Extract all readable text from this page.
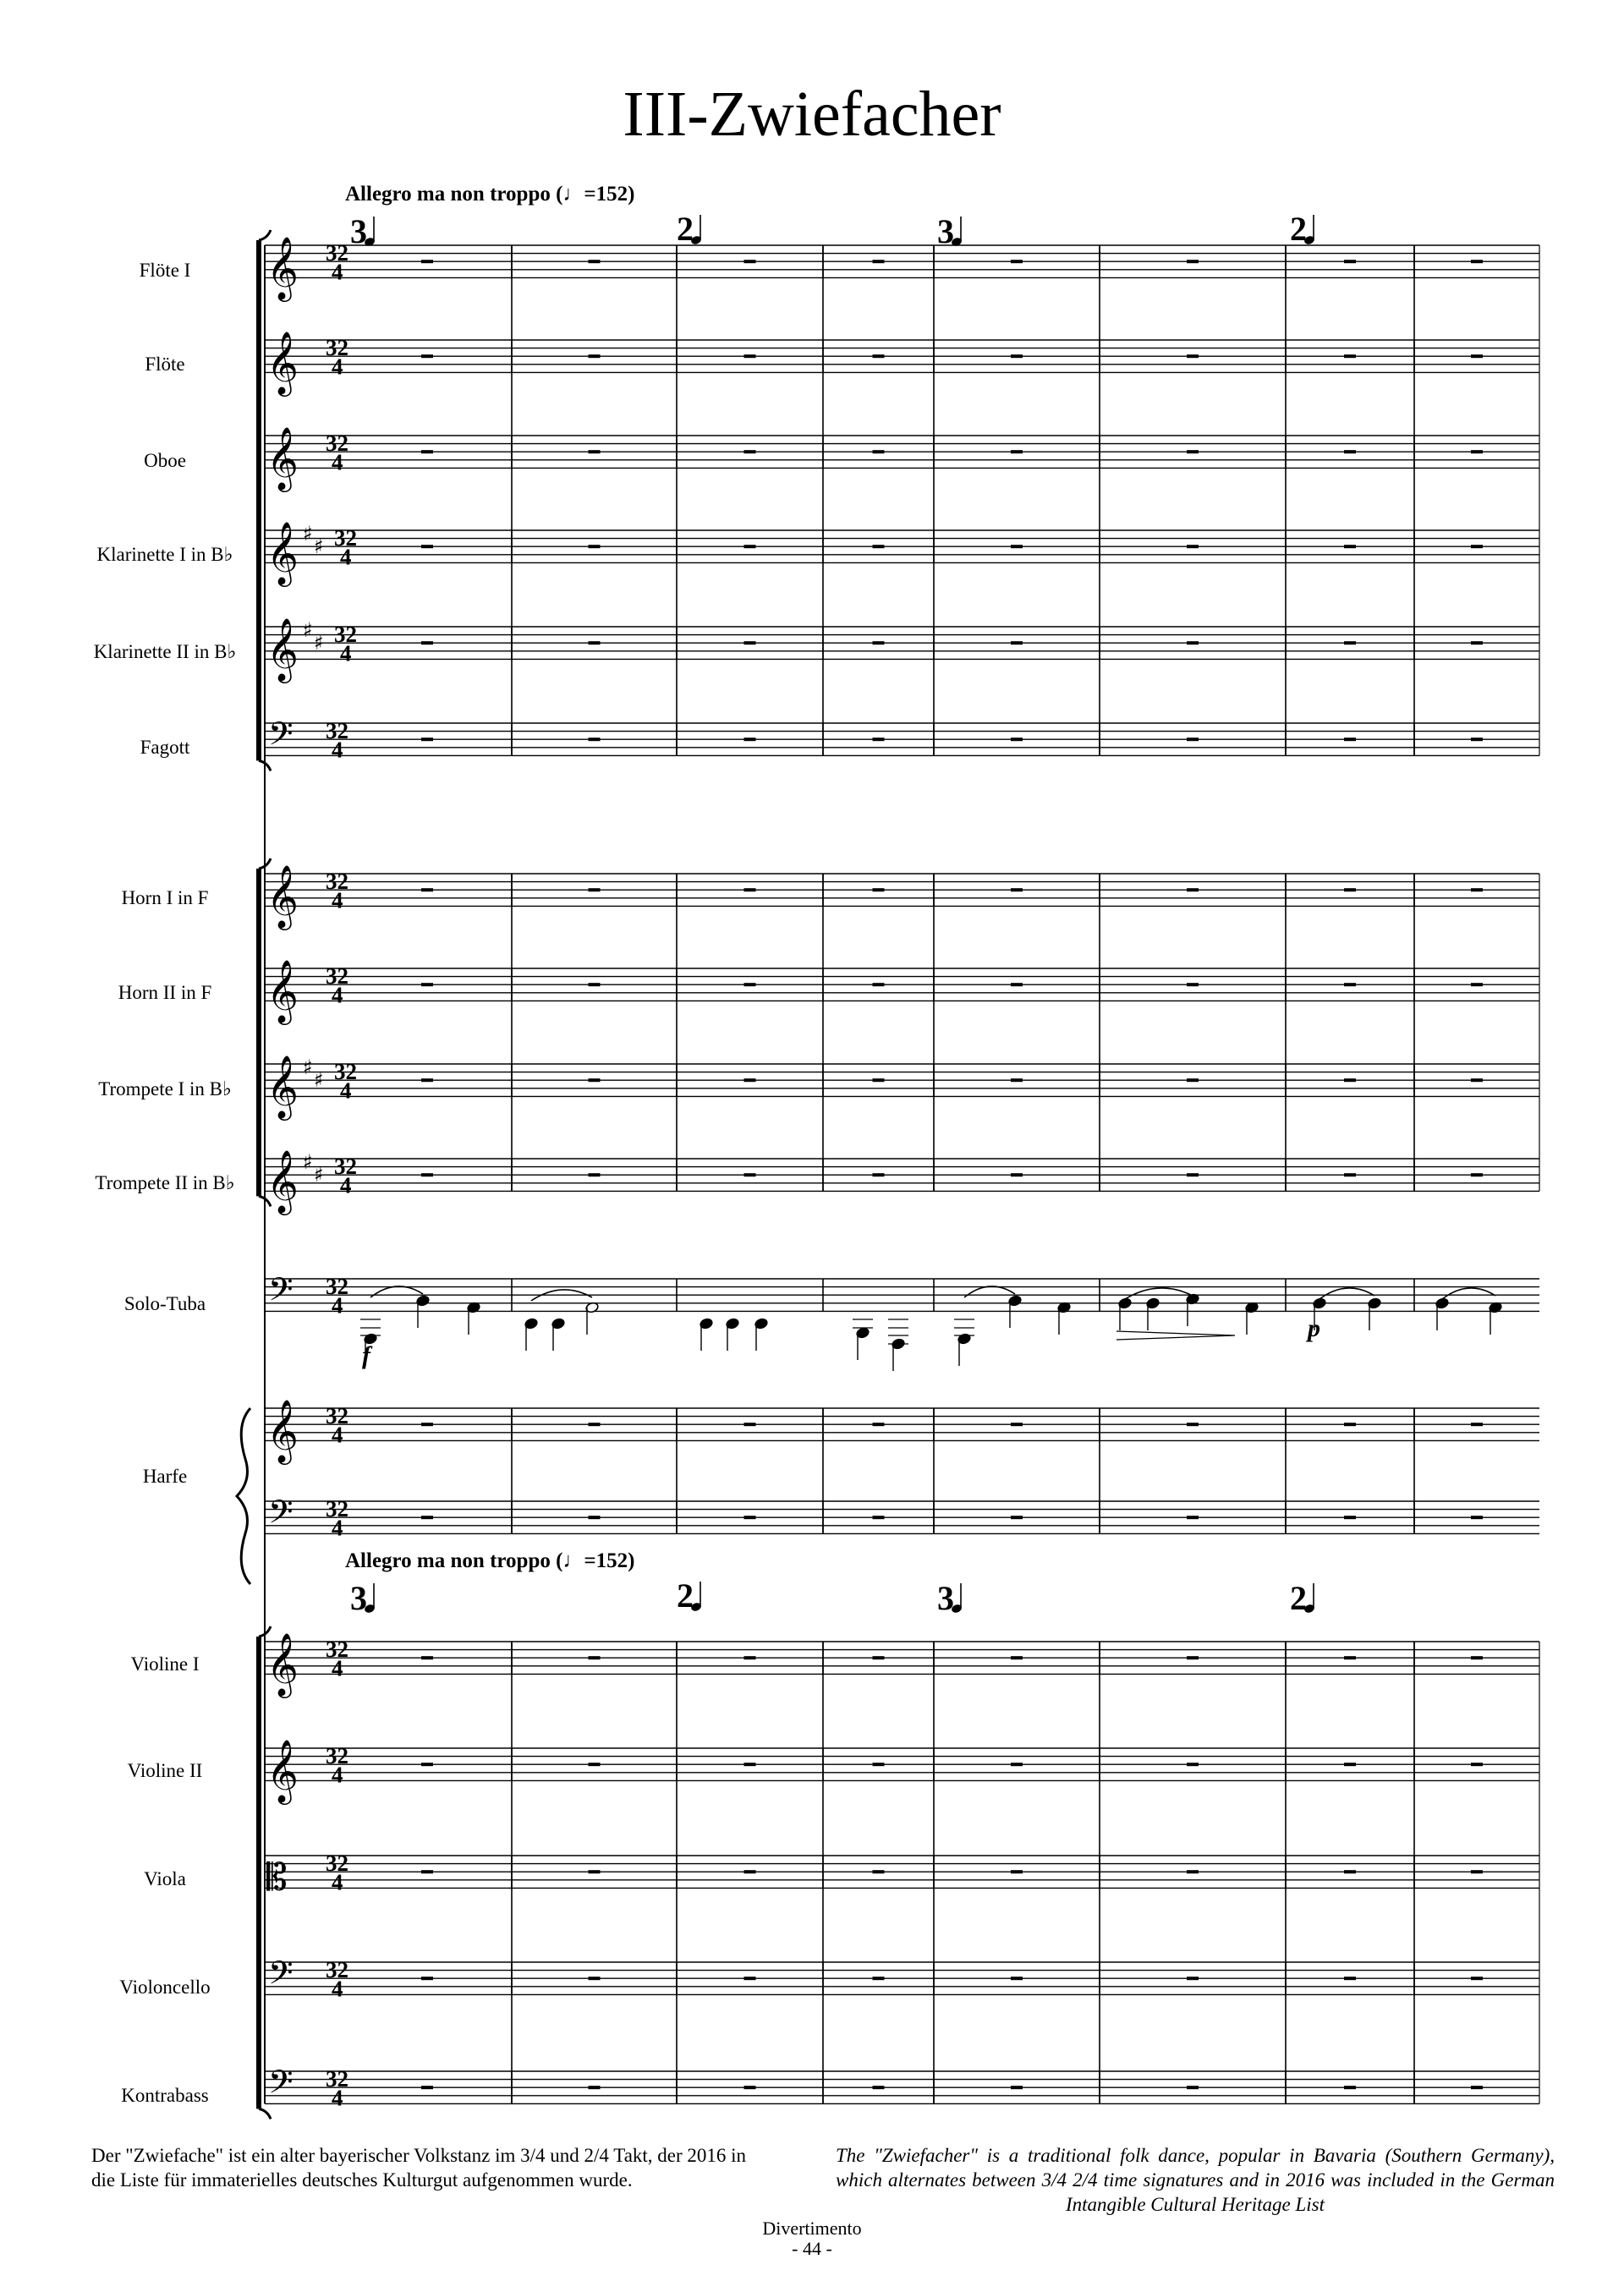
III-Zwiefacher
𝄞 32
4
𝄞 32
4
𝄞 32
4
𝄞 ♯
♯ 32
4
𝄞 ♯
♯ 32
4
𝄢 32
4
𝄞 32
4
𝄞 32
4
𝄞 ♯
♯ 32
4
𝄞 ♯
♯ 32
4
𝄢 32
4
𝄞 32
4
𝄢 32
4
𝄞 32
4
𝄞 32
4
𝄡 32
4
𝄢 32
4
𝄢 32
4
f
p
Allegro ma non troppo (♩=152)
Allegro ma non troppo (♩=152)
3	2	3	2
3	2	3	2
Flöte I
Flöte
Oboe
Klarinette I in B♭
Klarinette II in B♭
Fagott
Horn I in F
Horn II in F
Trompete I in B♭
Trompete II in B♭
Solo-Tuba
Harfe
Violine I
Violine II
Viola
Violoncello
Kontrabass
Der "Zwiefache" ist ein alter bayerischer Volkstanz im 3/4 und 2/4 Takt, der 2016 in die Liste für immaterielles deutsches Kulturgut aufgenommen wurde.
The "Zwiefacher" is a traditional folk dance, popular in Bavaria (Southern Germany), which alternates between 3/4 2/4 time signatures and in 2016 was included in the German Intangible Cultural Heritage List
Divertimento
- 44 -
